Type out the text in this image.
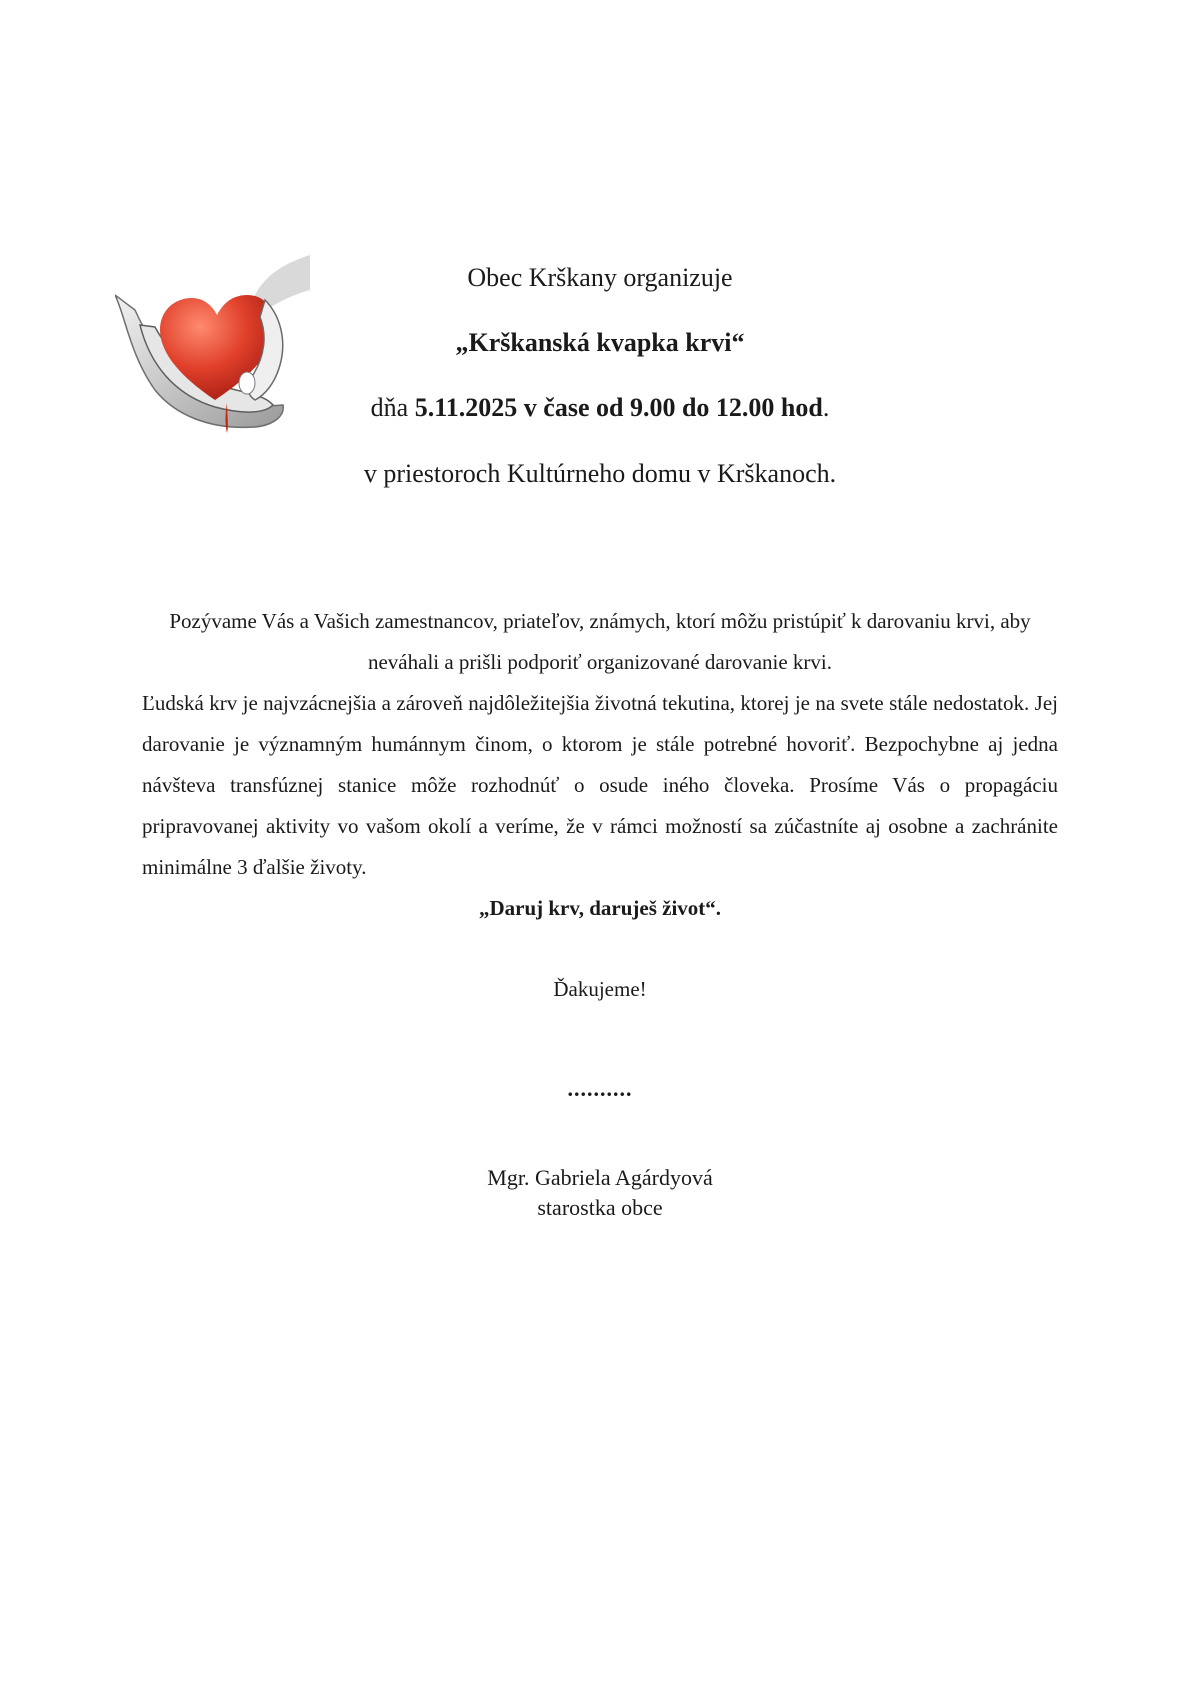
Obec Krškany organizuje
„Krškanská kvapka krvi“
dňa 5.11.2025 v čase od 9.00 do 12.00 hod.
v priestoroch Kultúrneho domu v Krškanoch.
Pozývame Vás a Vašich zamestnancov, priateľov, známych, ktorí môžu pristúpiť k darovaniu krvi, aby neváhali a prišli podporiť organizované darovanie krvi.
Ľudská krv je najvzácnejšia a zároveň najdôležitejšia životná tekutina, ktorej je na svete stále nedostatok. Jej darovanie je významným humánnym činom, o ktorom je stále potrebné hovoriť. Bezpochybne aj jedna návšteva transfúznej stanice môže rozhodnúť o osude iného človeka. Prosíme Vás o propagáciu pripravovanej aktivity vo vašom okolí a veríme, že v rámci možností sa zúčastníte aj osobne a zachránite minimálne 3 ďalšie životy.
„Daruj krv, daruješ život“.
Ďakujeme!
..........
Mgr. Gabriela Agárdyová
starostka obce
